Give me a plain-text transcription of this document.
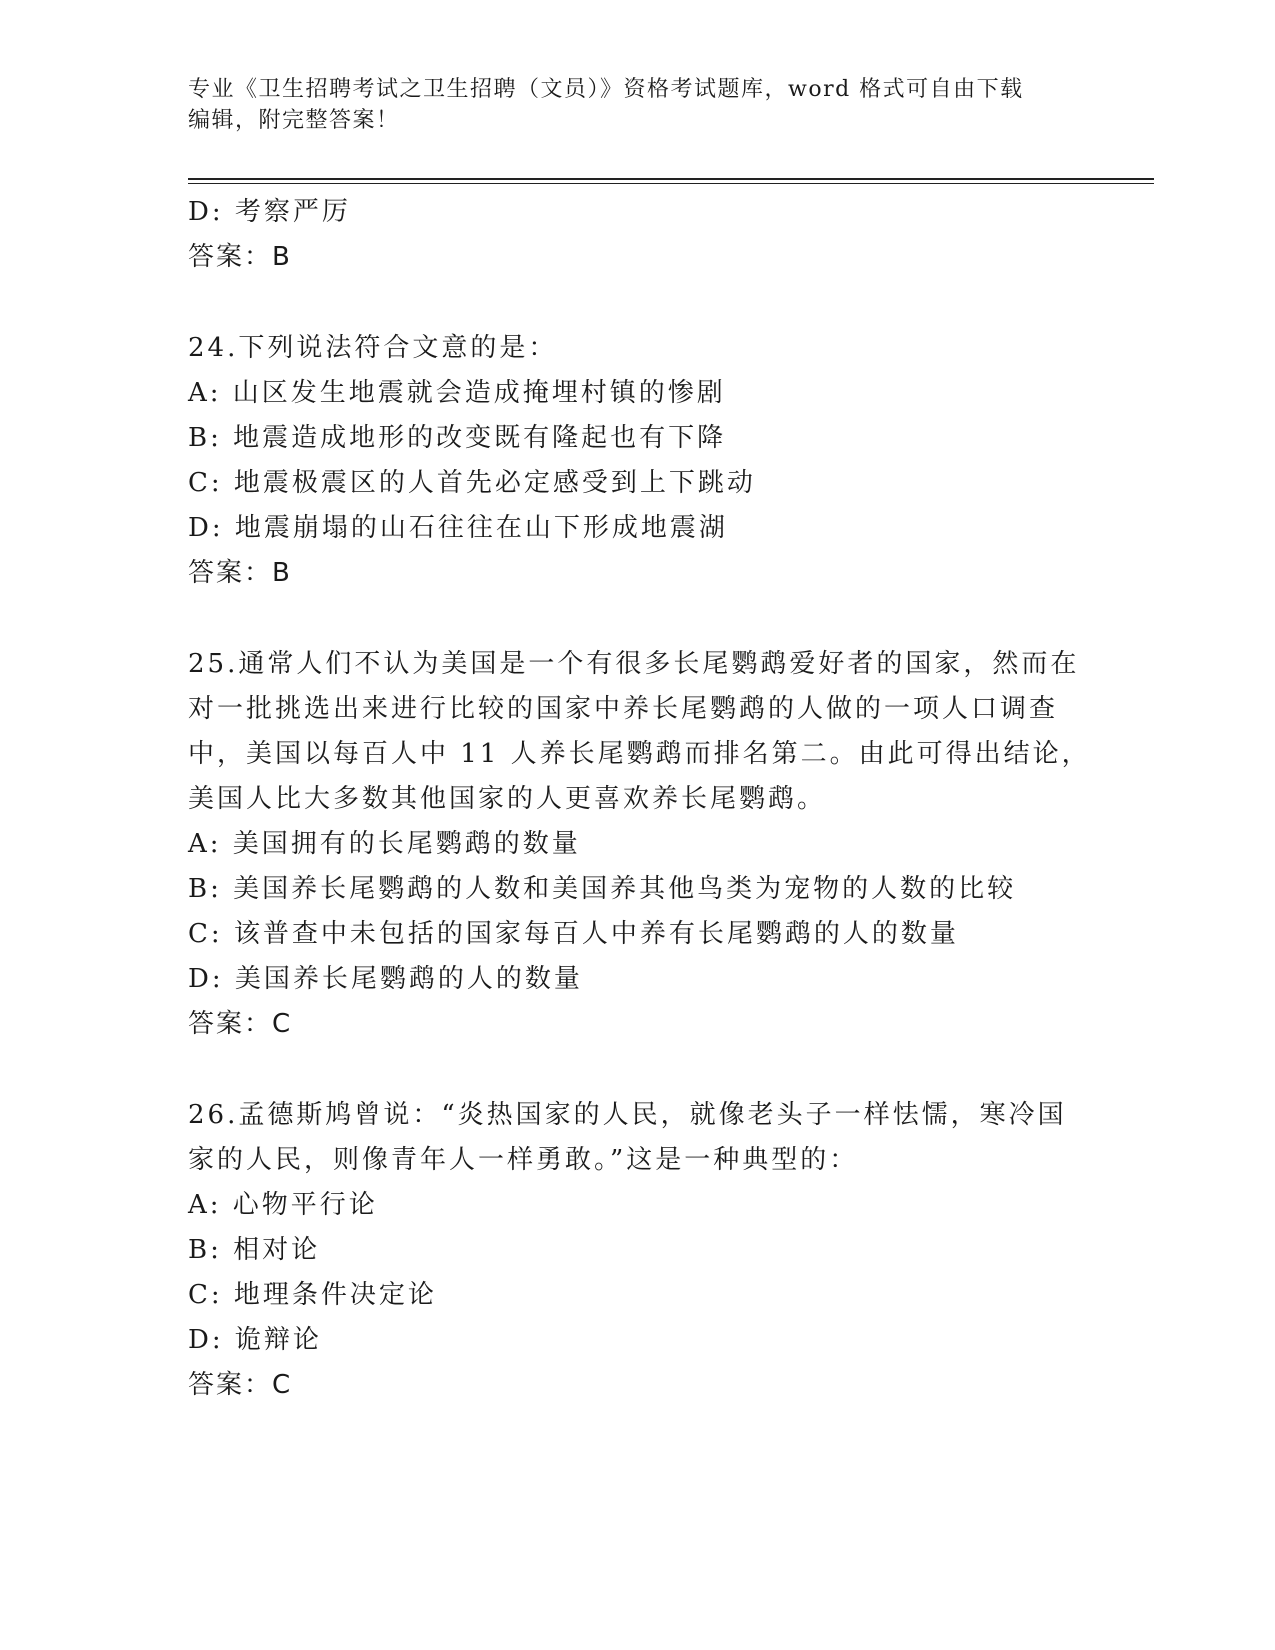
专业《卫生招聘考试之卫生招聘（文员）》资格考试题库，word 格式可自由下载
编辑，附完整答案！
D: 考察严厉
答案：B
24.下列说法符合文意的是：
A: 山区发生地震就会造成掩埋村镇的惨剧
B: 地震造成地形的改变既有隆起也有下降
C: 地震极震区的人首先必定感受到上下跳动
D: 地震崩塌的山石往往在山下形成地震湖
答案：B
25.通常人们不认为美国是一个有很多长尾鹦鹉爱好者的国家，然而在
对一批挑选出来进行比较的国家中养长尾鹦鹉的人做的一项人口调查
中，美国以每百人中 11 人养长尾鹦鹉而排名第二。由此可得出结论，
美国人比大多数其他国家的人更喜欢养长尾鹦鹉。
A: 美国拥有的长尾鹦鹉的数量
B: 美国养长尾鹦鹉的人数和美国养其他鸟类为宠物的人数的比较
C: 该普查中未包括的国家每百人中养有长尾鹦鹉的人的数量
D: 美国养长尾鹦鹉的人的数量
答案：C
26.孟德斯鸠曾说：“炎热国家的人民，就像老头子一样怯懦，寒冷国
家的人民，则像青年人一样勇敢。”这是一种典型的：
A: 心物平行论
B: 相对论
C: 地理条件决定论
D: 诡辩论
答案：C
